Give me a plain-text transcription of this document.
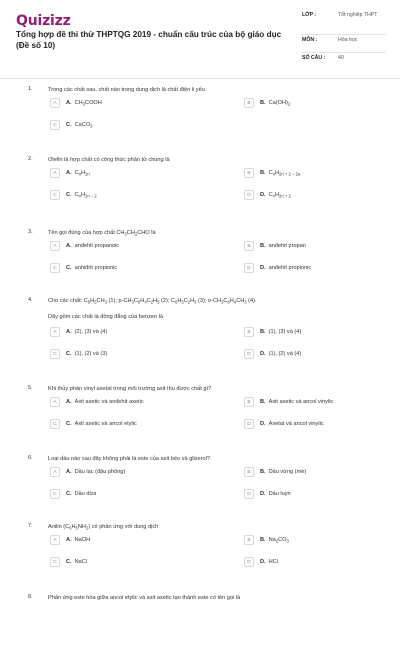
Quizizz
Tổng hợp đề thi thử THPTQG 2019 - chuẩn cấu trúc của bộ giáo dục (Đề số 10)
LỚP :	Tốt nghiệp THPT
MÔN :	Hóa học
SỐ CÂU :	40
1.	Trong các chất sau, chất nào trong dung dịch là chất điện li yếu
A	A. $CH_3COOH$	B	B. $Ca(OH)_2$
C	C. CaCO$_3$
2.	Olefin là hợp chất có công thức phân tử chung là
A	A. $C_nH_{2n}$	B	B. $C_nH_{2n + 2 - 2a}$
C	C. $C_nH_{2n - 2}$	D	D. $C_nH_{2n + 2}$
3.	Tên gọi đúng của hợp chất $CH_3CH_2CHO$ là
A	A. anđehit propanoic	B	B. anđehit propan
C	C. anhiđrit propionic	D	D. anđehit propionic
4.	Cho các chất: $C_6H_5CH_3$ (1); $p-CH_3C_6H_4C_2H_5$ (2); $C_6H_5C_2H_3$ (3); $o-CH_3C_6H_4CH_3$ (4).
Dãy gồm các chất là đồng đẳng của benzen là
A	A. (2), (3) và (4)	B	B. (1), (3) và (4)
C	C. (1), (2) và (3)	D	D. (1), (2) và (4)
5.	Khi thủy phân vinyl axetat trong môi trường axit thu được chất gì?
A	A. Axit axetic và anđehit axetic	B	B. Axit axetic và ancol vinylic
C	C. Axit axetic và ancol etylic	D	D. Axetat và ancol vinylic
6.	Loại dầu nào sau đây không phải là este của axit béo và glixerol?
A	A. Dầu lạc (đậu phộng)	B	B. Dầu vừng (mè)
C	C. Dầu dừa	D	D. Dầu luyn
7.	Anilin $(C_6H_5NH_2)$ có phản ứng với dung dịch
A	A. NaOH	B	B. $Na_2CO_3$
C	C. NaCl	D	D. HCl
8.	Phản ứng este hóa giữa ancol etylic và axit axetic tạo thành este có tên gọi là
